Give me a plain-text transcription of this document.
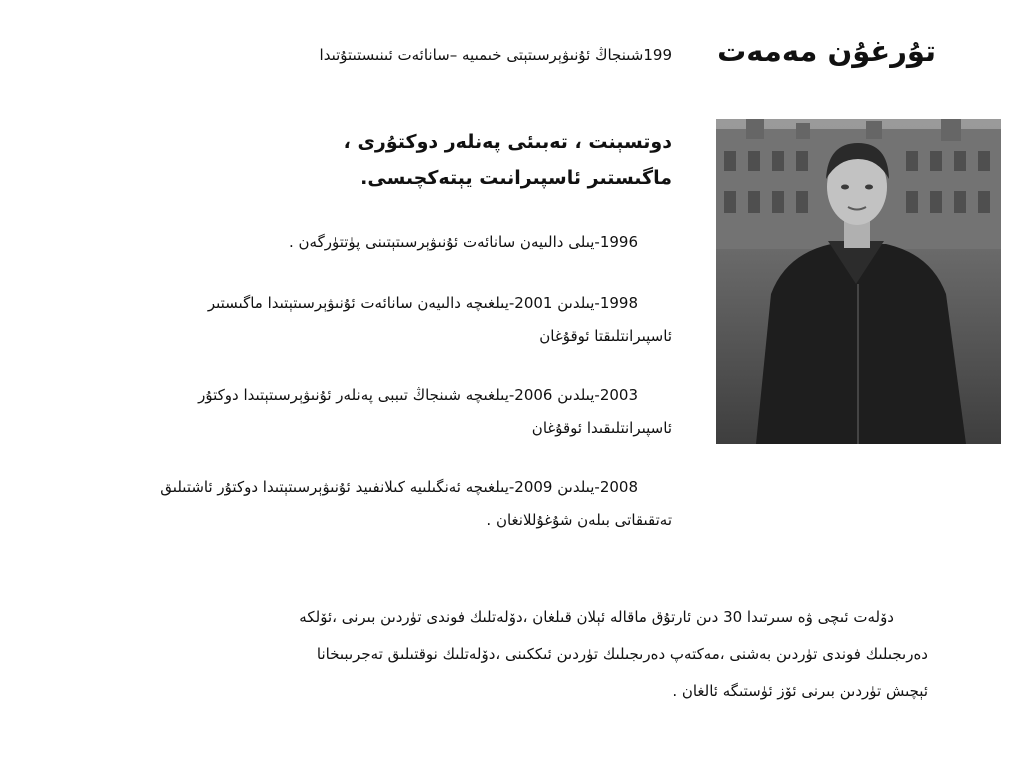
تۇرغۇن مەمەت
199شىنجاڭ ئۇنىۋېرسىتېتى خىمىيە –سانائەت ئىنىستىتۇتىدا
دوتسېنت ، تەبىئى پەنلەر دوكتۇرى ،
ماگىستىر ئاسپىرانىت يېتەكچىسى.
1996-يىلى دالىيەن سانائەت ئۇنىۋېرسىتېتىنى پۈتتۈرگەن .
1998-يىلدىن 2001-يىلغىچە دالىيەن سانائەت ئۇنىۋېرسىتېتىدا ماگىستىر
ئاسپىرانتلىقتا ئوقۇغان
2003-يىلدىن 2006-يىلغىچە شىنجاڭ تىببى پەنلەر ئۇنىۋېرسىتېتىدا دوكتۇر
ئاسپىرانتلىقىدا ئوقۇغان
2008-يىلدىن 2009-يىلغىچە ئەنگىلىيە كىلانفىيد ئۇنىۋېرسىتېتىدا دوكتۇر ئاشتىلىق
تەتقىقاتى بىلەن شۇغۇللانغان .
دۆلەت ئىچى ۋە سىرتىدا 30 دىن ئارتۇق ماقالە ئېلان قىلغان ،دۆلەتلىك فوندى تۈردىن بىرنى ،ئۆلكە
دەرىجىلىك فوندى تۈردىن بەشنى ،مەكتەپ دەرىجىلىك تۈردىن ئىككىنى ،دۆلەتلىك نوقتىلىق تەجرىبىخانا
ئېچىش تۈردىن بىرنى ئۆز ئۈستىگە ئالغان .
